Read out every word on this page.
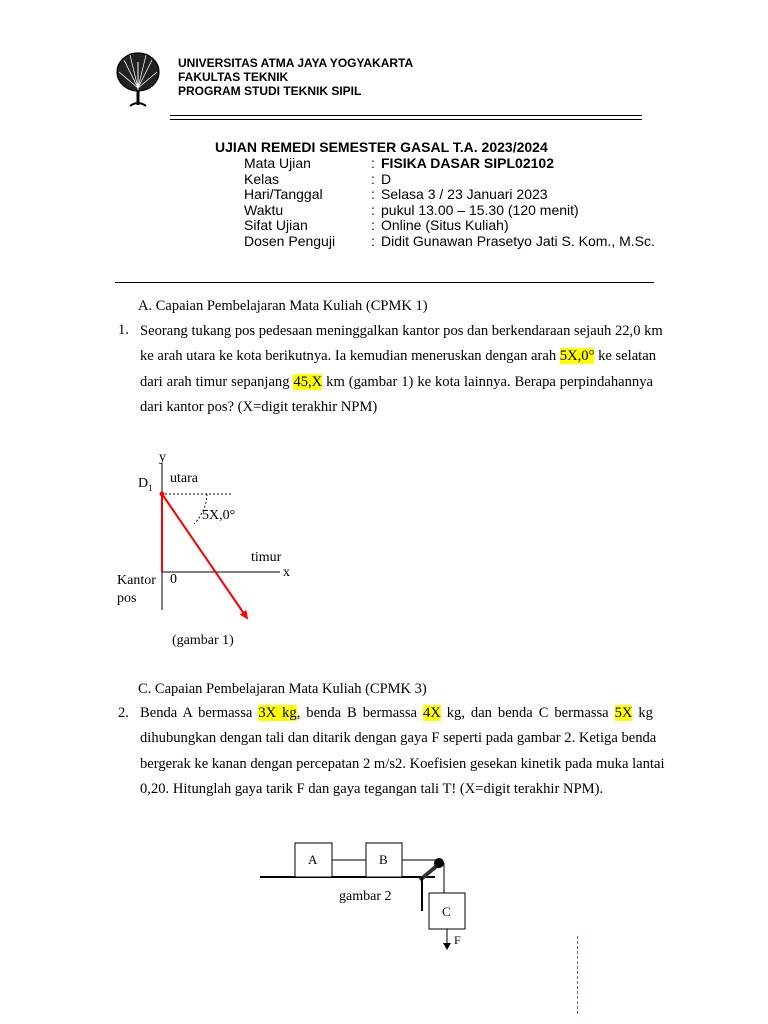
UNIVERSITAS ATMA JAYA YOGYAKARTA
FAKULTAS TEKNIK
PROGRAM STUDI TEKNIK SIPIL
UJIAN REMEDI SEMESTER GASAL T.A. 2023/2024
Mata Ujian	: FISIKA DASAR SIPL02102
Kelas	: D
Hari/Tanggal	: Selasa 3 / 23 Januari 2023
Waktu	: pukul 13.00 – 15.30 (120 menit)
Sifat Ujian	: Online (Situs Kuliah)
Dosen Penguji	: Didit Gunawan Prasetyo Jati S. Kom., M.Sc.
A. Capaian Pembelajaran Mata Kuliah (CPMK 1)
1. Seorang tukang pos pedesaan meninggalkan kantor pos dan berkendaraan sejauh 22,0 km
ke arah utara ke kota berikutnya. Ia kemudian meneruskan dengan arah 5X,0° ke selatan
dari arah timur sepanjang 45,X km (gambar 1) ke kota lainnya. Berapa perpindahannya
dari kantor pos? (X=digit terakhir NPM)
y
$D_1$
utara
5X,0°
timur
x
0
Kantor
pos
(gambar 1)
C. Capaian Pembelajaran Mata Kuliah (CPMK 3)
2. Benda A bermassa 3X kg, benda B bermassa 4X kg, dan benda C bermassa 5X kg
dihubungkan dengan tali dan ditarik dengan gaya F seperti pada gambar 2. Ketiga benda
bergerak ke kanan dengan percepatan 2 m/s2. Koefisien gesekan kinetik pada muka lantai
0,20. Hitunglah gaya tarik F dan gaya tegangan tali T! (X=digit terakhir NPM).
A	B
C
gambar 2
F
